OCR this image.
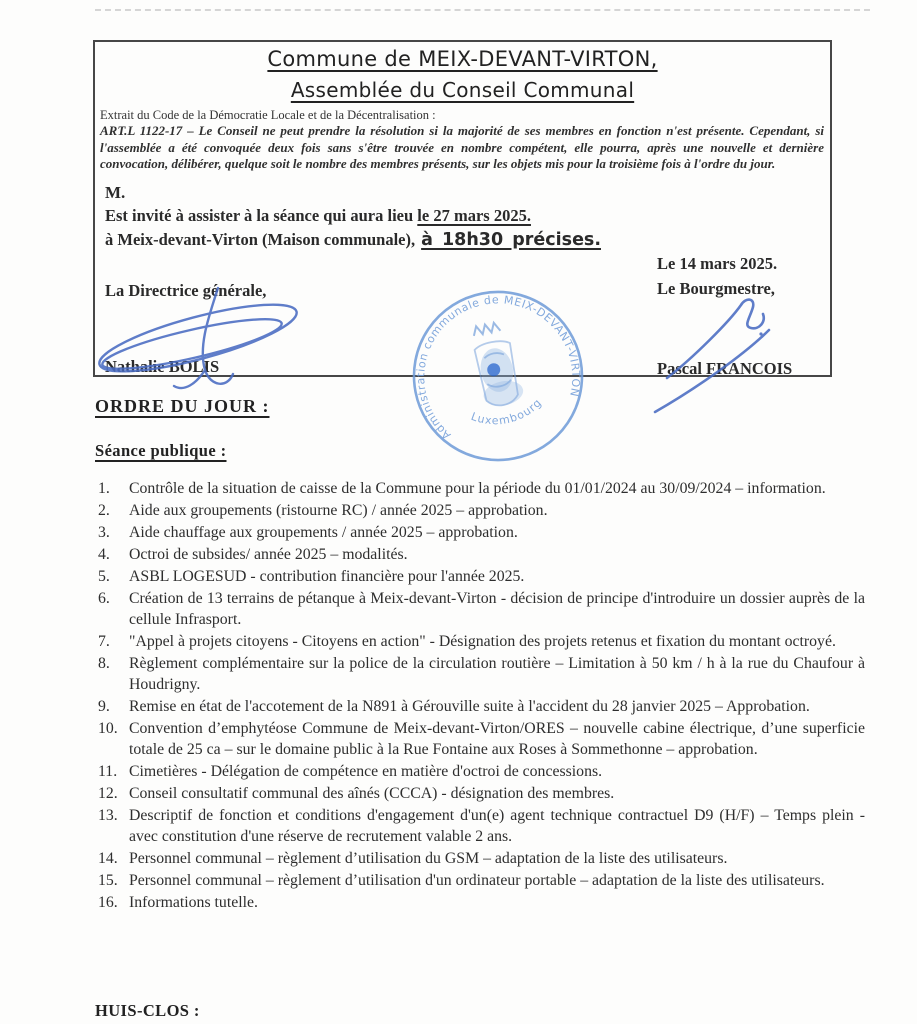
Commune de MEIX-DEVANT-VIRTON,
Assemblée du Conseil Communal
Extrait du Code de la Démocratie Locale et de la Décentralisation :
ART.L 1122-17 – Le Conseil ne peut prendre la résolution si la majorité de ses membres en fonction n'est présente. Cependant, si l'assemblée a été convoquée deux fois sans s'être trouvée en nombre compétent, elle pourra, après une nouvelle et dernière convocation, délibérer, quelque soit le nombre des membres présents, sur les objets mis pour la troisième fois à l'ordre du jour.
M.
Est invité à assister à la séance qui aura lieu le 27 mars 2025.
à Meix-devant-Virton (Maison communale), à 18h30 précises.
Le 14 mars 2025.
Le Bourgmestre,
La Directrice générale,
Nathalie BOLIS	Pascal FRANCOIS
Administration communale de MEIX-DEVANT-VIRTON
Luxembourg
ORDRE DU JOUR :
Séance publique :
Contrôle de la situation de caisse de la Commune pour la période du 01/01/2024 au 30/09/2024 – information.
Aide aux groupements (ristourne RC) / année 2025 – approbation.
Aide chauffage aux groupements / année 2025 – approbation.
Octroi de subsides/ année 2025 – modalités.
ASBL LOGESUD - contribution financière pour l'année 2025.
Création de 13 terrains de pétanque à Meix-devant-Virton - décision de principe d'introduire un dossier auprès de la cellule Infrasport.
"Appel à projets citoyens - Citoyens en action" - Désignation des projets retenus et fixation du montant octroyé.
Règlement complémentaire sur la police de la circulation routière – Limitation à 50 km / h à la rue du Chaufour à Houdrigny.
Remise en état de l'accotement de la N891 à Gérouville suite à l'accident du 28 janvier 2025 – Approbation.
Convention d’emphytéose Commune de Meix-devant-Virton/ORES – nouvelle cabine électrique, d’une superficie totale de 25 ca – sur le domaine public à la Rue Fontaine aux Roses à Sommethonne – approbation.
Cimetières - Délégation de compétence en matière d'octroi de concessions.
Conseil consultatif communal des aînés (CCCA) - désignation des membres.
Descriptif de fonction et conditions d'engagement d'un(e) agent technique contractuel D9 (H/F) – Temps plein - avec constitution d'une réserve de recrutement valable 2 ans.
Personnel communal – règlement d’utilisation du GSM – adaptation de la liste des utilisateurs.
Personnel communal – règlement d’utilisation d'un ordinateur portable – adaptation de la liste des utilisateurs.
Informations tutelle.
HUIS-CLOS :
